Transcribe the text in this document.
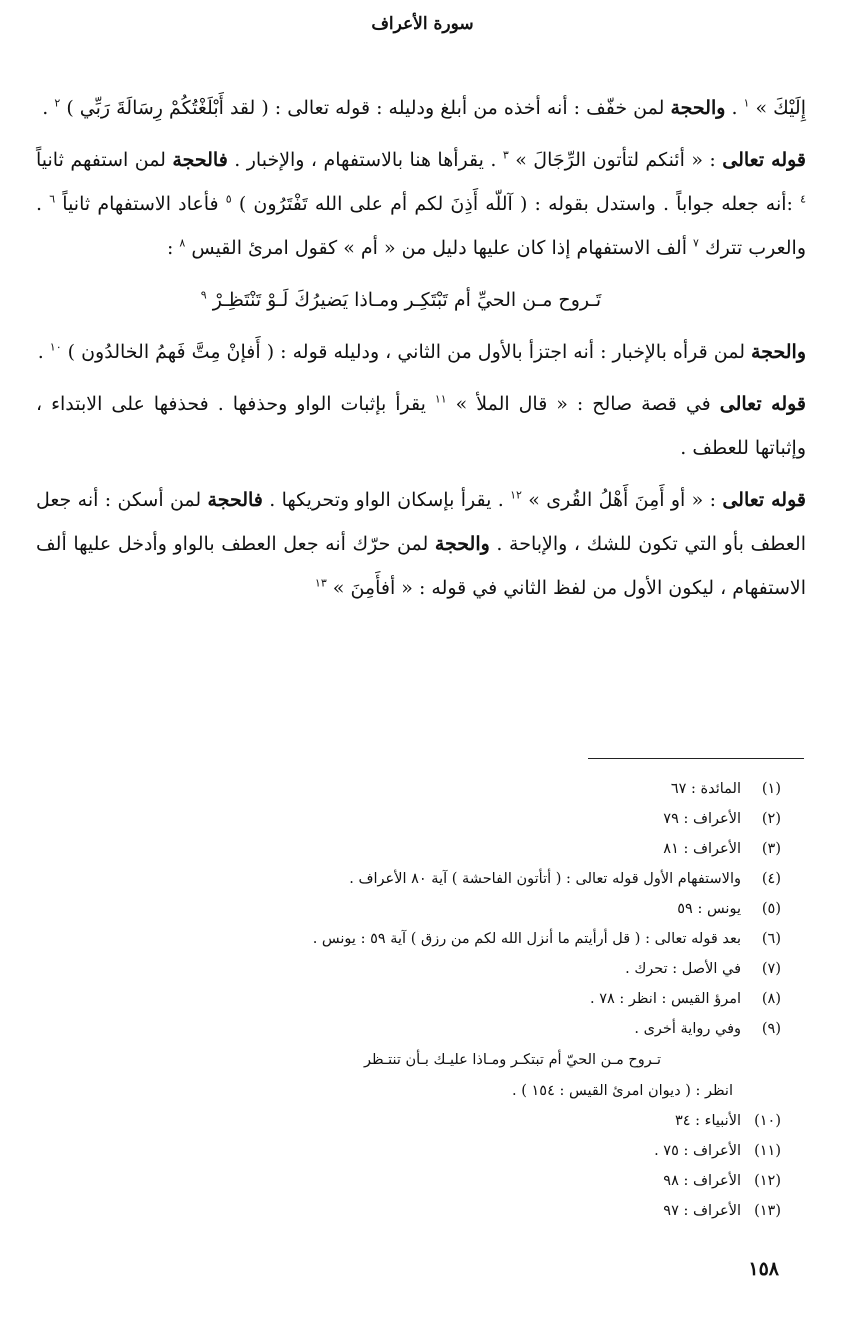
سورة الأعراف

إِلَيْكَ » $^١$ . والحجة لمن خفّف : أنه أخذه من أبلغ ودليله : قوله تعالى : ( لقد أَبْلَغْتُكُمْ رِسَالَةَ رَبِّي ) $^٢$ .

قوله تعالى : « أئنكم لتأتون الرِّجَالَ » $^٣$ . يقرأها هنا بالاستفهام ، والإخبار . فالحجة لمن استفهم ثانياً $^٤$ :أنه جعله جواباً . واستدل بقوله : ( آللّه أَذِنَ لكم أم على الله تَفْتَرُون ) $^٥$ فأعاد الاستفهام ثانياً $^٦$ . والعرب تترك $^٧$ ألف الاستفهام إذا كان عليها دليل من « أم » كقول امرئ القيس $^٨$ :

تَـروح مـن الحيِّ أم تَبْتَكِـر ومـاذا يَضيرُكَ لَـوْ تَنْتَظِـرْ $^٩$

والحجة لمن قرأه بالإخبار : أنه اجتزأ بالأول من الثاني ، ودليله قوله : ( أَفإنْ مِتَّ فَهمُ الخالدُون ) $^{١٠}$ .

قوله تعالى في قصة صالح : « قال الملأ » $^{١١}$ يقرأ بإثبات الواو وحذفها . فحذفها على الابتداء ، وإثباتها للعطف .

قوله تعالى : « أو أَمِنَ أَهْلُ القُرى » $^{١٢}$ . يقرأ بإسكان الواو وتحريكها . فالحجة لمن أسكن : أنه جعل العطف بأو التي تكون للشك ، والإباحة . والحجة لمن حرّك أنه جعل العطف بالواو وأدخل عليها ألف الاستفهام ، ليكون الأول من لفظ الثاني في قوله : « أفأَمِنَ » $^{١٣}$

(١)المائدة : ٦٧
(٢)الأعراف : ٧٩
(٣)الأعراف : ٨١
(٤)والاستفهام الأول قوله تعالى : ( أتأتون الفاحشة ) آية ٨٠ الأعراف .
(٥)يونس : ٥٩
(٦)بعد قوله تعالى : ( قل أرأيتم ما أنزل الله لكم من رزق ) آية ٥٩ : يونس .
(٧)في الأصل : تحرك .
(٨)امرؤ القيس : انظر : ٧٨ .
(٩)وفي رواية أخرى .
تـروح مـن الحيّ أم تبتكـر ومـاذا عليـك بـأن تنتـظر
انظر : ( ديوان امرئ القيس : ١٥٤ ) .
(١٠)الأنبياء : ٣٤
(١١)الأعراف : ٧٥ .
(١٢)الأعراف : ٩٨
(١٣)الأعراف : ٩٧
١٥٨
